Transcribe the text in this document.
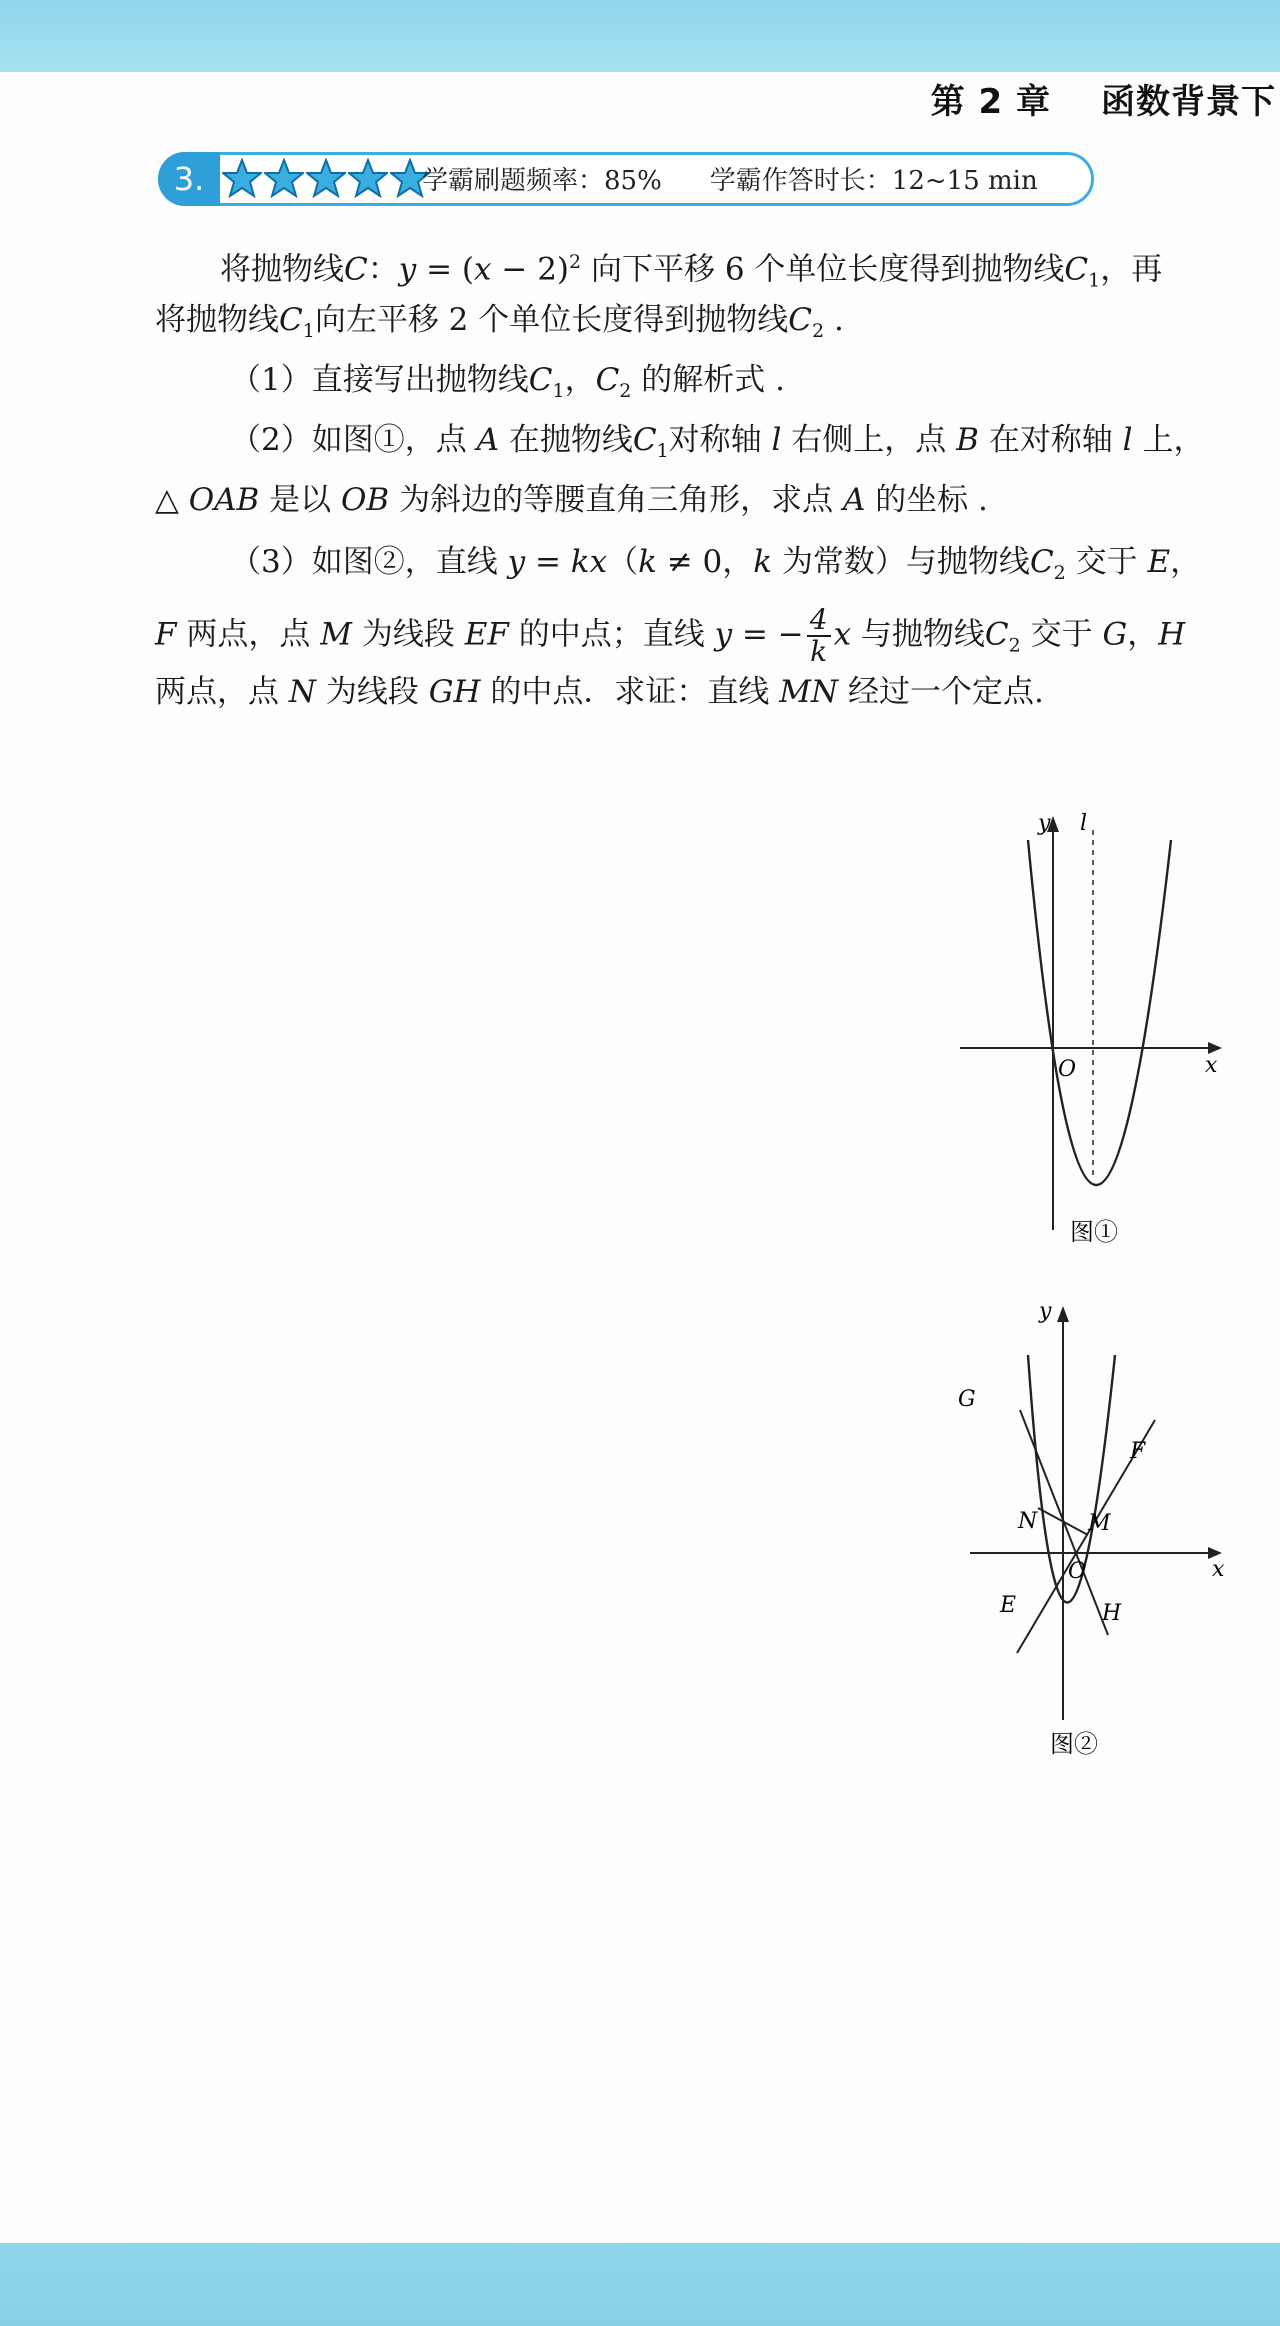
第 2 章 函数背景下
3.	学霸刷题频率：85% 学霸作答时长：12~15 min
将抛物线C：$y = (x - 2)^2$ 向下平移 6 个单位长度得到抛物线$C_1$，再
将抛物线$C_1$向左平移 2 个单位长度得到抛物线$C_2$ .
（1）直接写出抛物线$C_1$，$C_2$ 的解析式 .
（2）如图①，点 A 在抛物线$C_1$对称轴 l 右侧上，点 B 在对称轴 l 上，
△ OAB 是以 OB 为斜边的等腰直角三角形，求点 A 的坐标 .
（3）如图②，直线 y = kx（k ≠ 0，k 为常数）与抛物线$C_2$ 交于 E，
F 两点，点 M 为线段 EF 的中点；直线 y = − $\frac{4}{k}$ x 与抛物线$C_2$ 交于 G，H
两点，点 N 为线段 GH 的中点．求证：直线 MN 经过一个定点.
y l
x
O
图①
y
x
O
G
F
N M
E	H
图②
